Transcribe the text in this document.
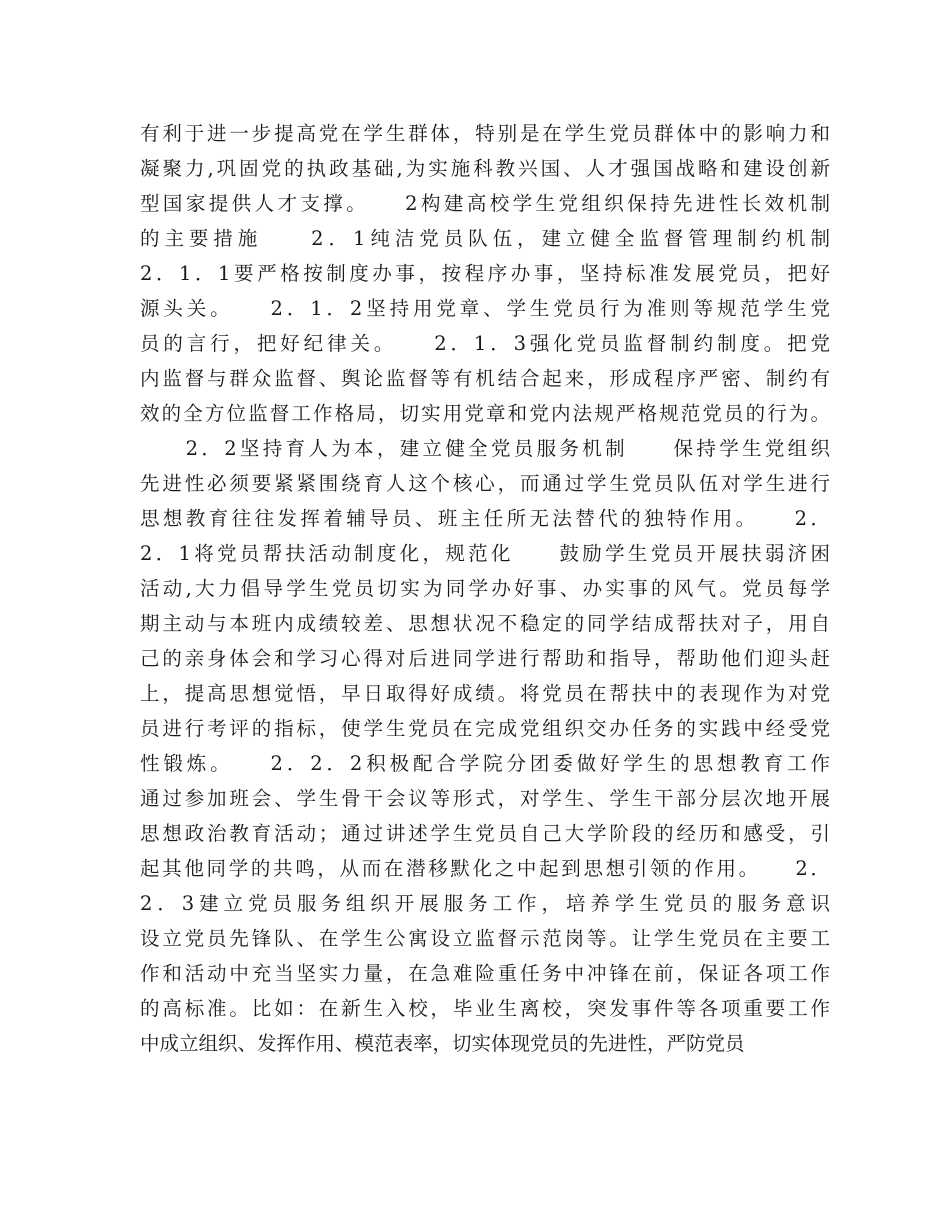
有利于进一步提高党在学生群体，特别是在学生党员群体中的影响力和
凝聚力,巩固党的执政基础,为实施科教兴国、人才强国战略和建设创新
型国家提供人才支撑。　　2构建高校学生党组织保持先进性长效机制
的主要措施　　2．1纯洁党员队伍，建立健全监督管理制约机制
2．1．1要严格按制度办事，按程序办事，坚持标准发展党员，把好
源头关。　　2．1．2坚持用党章、学生党员行为准则等规范学生党
员的言行，把好纪律关。　　2．1．3强化党员监督制约制度。把党
内监督与群众监督、舆论监督等有机结合起来，形成程序严密、制约有
效的全方位监督工作格局，切实用党章和党内法规严格规范党员的行为。
　　2．2坚持育人为本，建立健全党员服务机制　　保持学生党组织
先进性必须要紧紧围绕育人这个核心，而通过学生党员队伍对学生进行
思想教育往往发挥着辅导员、班主任所无法替代的独特作用。　　2．
2．1将党员帮扶活动制度化，规范化　　鼓励学生党员开展扶弱济困
活动,大力倡导学生党员切实为同学办好事、办实事的风气。党员每学
期主动与本班内成绩较差、思想状况不稳定的同学结成帮扶对子，用自
己的亲身体会和学习心得对后进同学进行帮助和指导，帮助他们迎头赶
上，提高思想觉悟，早日取得好成绩。将党员在帮扶中的表现作为对党
员进行考评的指标，使学生党员在完成党组织交办任务的实践中经受党
性锻炼。　　2．2．2积极配合学院分团委做好学生的思想教育工作
通过参加班会、学生骨干会议等形式，对学生、学生干部分层次地开展
思想政治教育活动；通过讲述学生党员自己大学阶段的经历和感受，引
起其他同学的共鸣，从而在潜移默化之中起到思想引领的作用。　　2．
2．3建立党员服务组织开展服务工作，培养学生党员的服务意识
设立党员先锋队、在学生公寓设立监督示范岗等。让学生党员在主要工
作和活动中充当坚实力量，在急难险重任务中冲锋在前，保证各项工作
的高标准。比如：在新生入校，毕业生离校，突发事件等各项重要工作
中成立组织、发挥作用、模范表率，切实体现党员的先进性，严防党员
